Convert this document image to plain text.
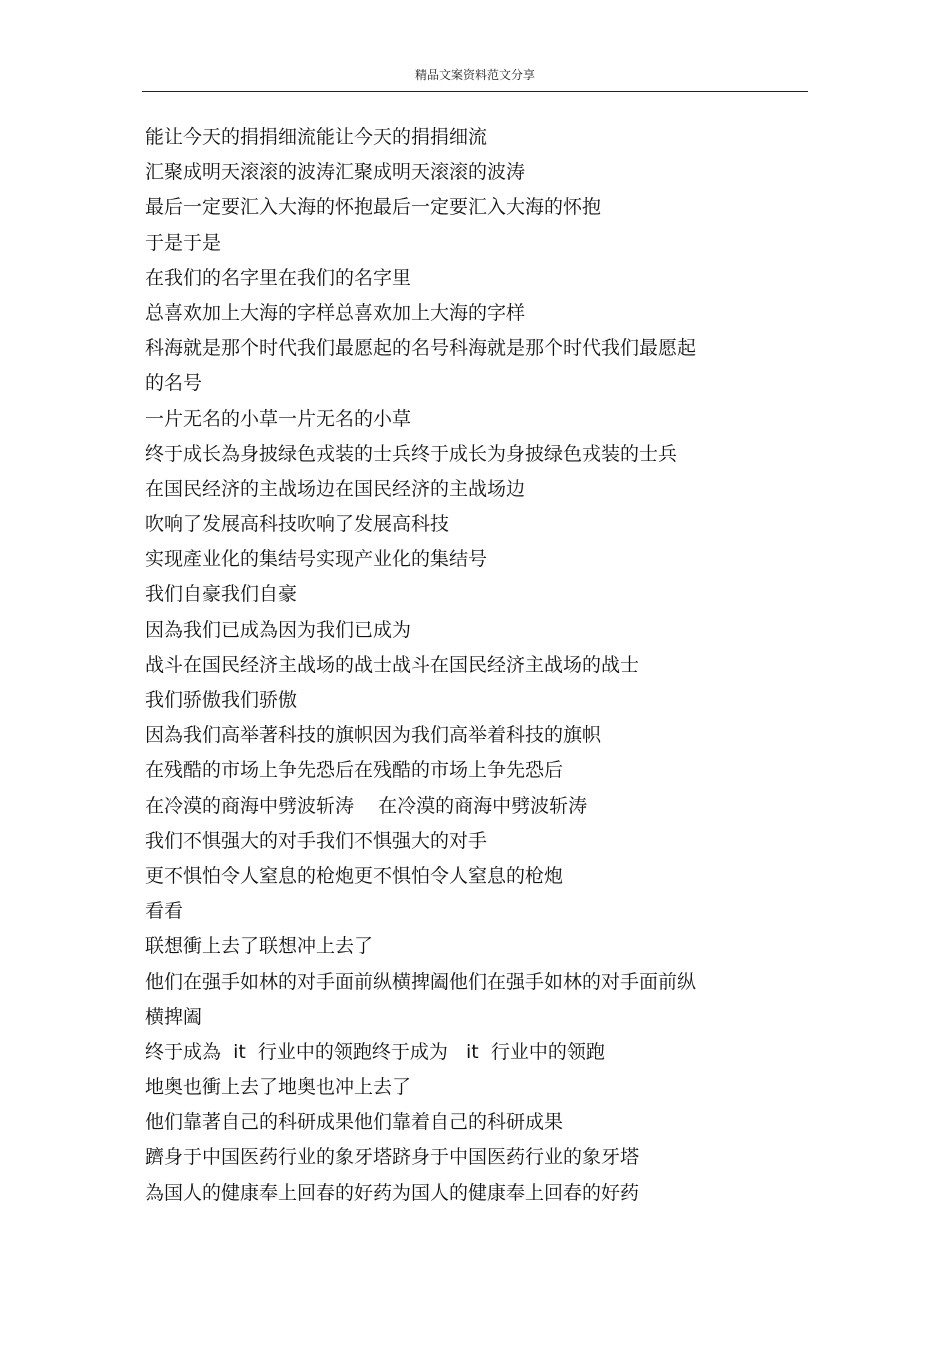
精品文案资料范文分享
能让今天的捐捐细流能让今天的捐捐细流
汇聚成明天滚滚的波涛汇聚成明天滚滚的波涛
最后一定要汇入大海的怀抱最后一定要汇入大海的怀抱
于是于是
在我们的名字里在我们的名字里
总喜欢加上大海的字样总喜欢加上大海的字样
科海就是那个时代我们最愿起的名号科海就是那个时代我们最愿起
的名号
一片无名的小草一片无名的小草
终于成长為身披绿色戎装的士兵终于成长为身披绿色戎装的士兵
在国民经济的主战场边在国民经济的主战场边
吹响了发展高科技吹响了发展高科技
实现產业化的集结号实现产业化的集结号
我们自豪我们自豪
因為我们已成為因为我们已成为
战斗在国民经济主战场的战士战斗在国民经济主战场的战士
我们骄傲我们骄傲
因為我们高举著科技的旗帜因为我们高举着科技的旗帜
在残酷的市场上争先恐后在残酷的市场上争先恐后
在冷漠的商海中劈波斩涛    在冷漠的商海中劈波斩涛
我们不惧强大的对手我们不惧强大的对手
更不惧怕令人窒息的枪炮更不惧怕令人窒息的枪炮
看看
联想衝上去了联想冲上去了
他们在强手如林的对手面前纵横捭阖他们在强手如林的对手面前纵
横捭阖
终于成為  it  行业中的领跑终于成为   it  行业中的领跑
地奥也衝上去了地奥也冲上去了
他们靠著自己的科研成果他们靠着自己的科研成果
躋身于中国医药行业的象牙塔跻身于中国医药行业的象牙塔
為国人的健康奉上回春的好药为国人的健康奉上回春的好药
